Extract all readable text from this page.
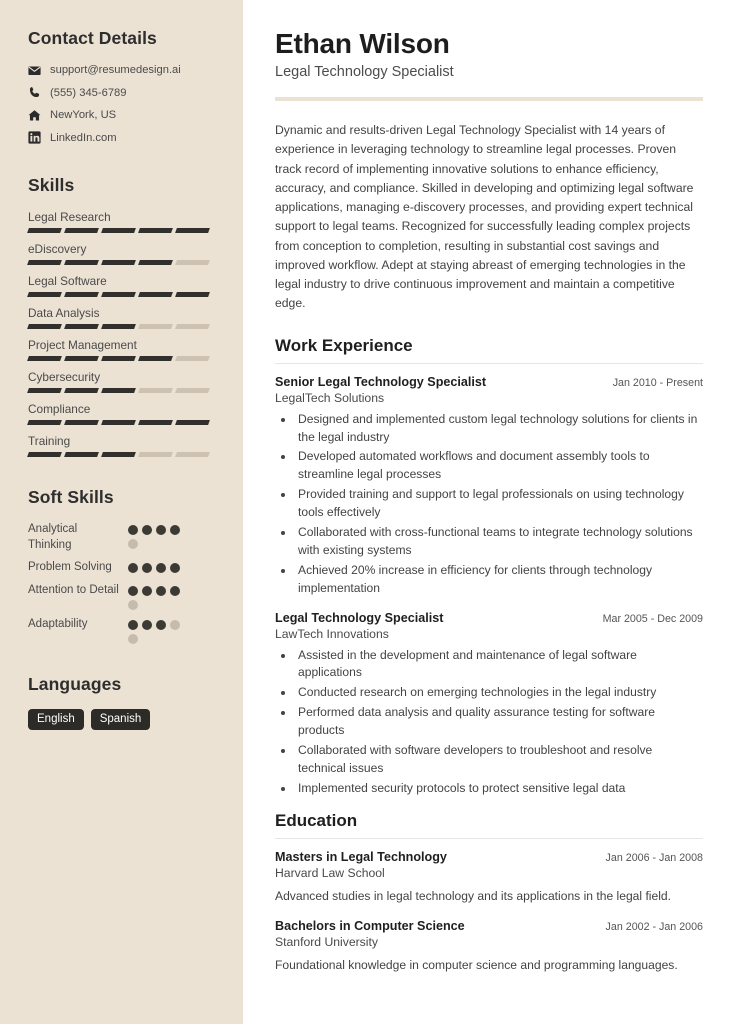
Contact Details
support@resumedesign.ai
(555) 345-6789
NewYork, US
LinkedIn.com
Skills
Legal Research
eDiscovery
Legal Software
Data Analysis
Project Management
Cybersecurity
Compliance
Training
Soft Skills
Analytical Thinking
Problem Solving
Attention to Detail
Adaptability
Languages
English	Spanish
Ethan Wilson
Legal Technology Specialist

Dynamic and results-driven Legal Technology Specialist with 14 years of experience in leveraging technology to streamline legal processes. Proven track record of implementing innovative solutions to enhance efficiency, accuracy, and compliance. Skilled in developing and optimizing legal software applications, managing e-discovery processes, and providing expert technical support to legal teams. Recognized for successfully leading complex projects from conception to completion, resulting in substantial cost savings and improved workflow. Adept at staying abreast of emerging technologies in the legal industry to drive continuous improvement and maintain a competitive edge.

Work Experience
Senior Legal Technology Specialist	Jan 2010 - Present
LegalTech Solutions
• Designed and implemented custom legal technology solutions for clients in the legal industry
• Developed automated workflows and document assembly tools to streamline legal processes
• Provided training and support to legal professionals on using technology tools effectively
• Collaborated with cross-functional teams to integrate technology solutions with existing systems
• Achieved 20% increase in efficiency for clients through technology implementation
Legal Technology Specialist	Mar 2005 - Dec 2009
LawTech Innovations
• Assisted in the development and maintenance of legal software applications
• Conducted research on emerging technologies in the legal industry
• Performed data analysis and quality assurance testing for software products
• Collaborated with software developers to troubleshoot and resolve technical issues
• Implemented security protocols to protect sensitive legal data
Education
Masters in Legal Technology	Jan 2006 - Jan 2008
Harvard Law School
Advanced studies in legal technology and its applications in the legal field.
Bachelors in Computer Science	Jan 2002 - Jan 2006
Stanford University
Foundational knowledge in computer science and programming languages.
